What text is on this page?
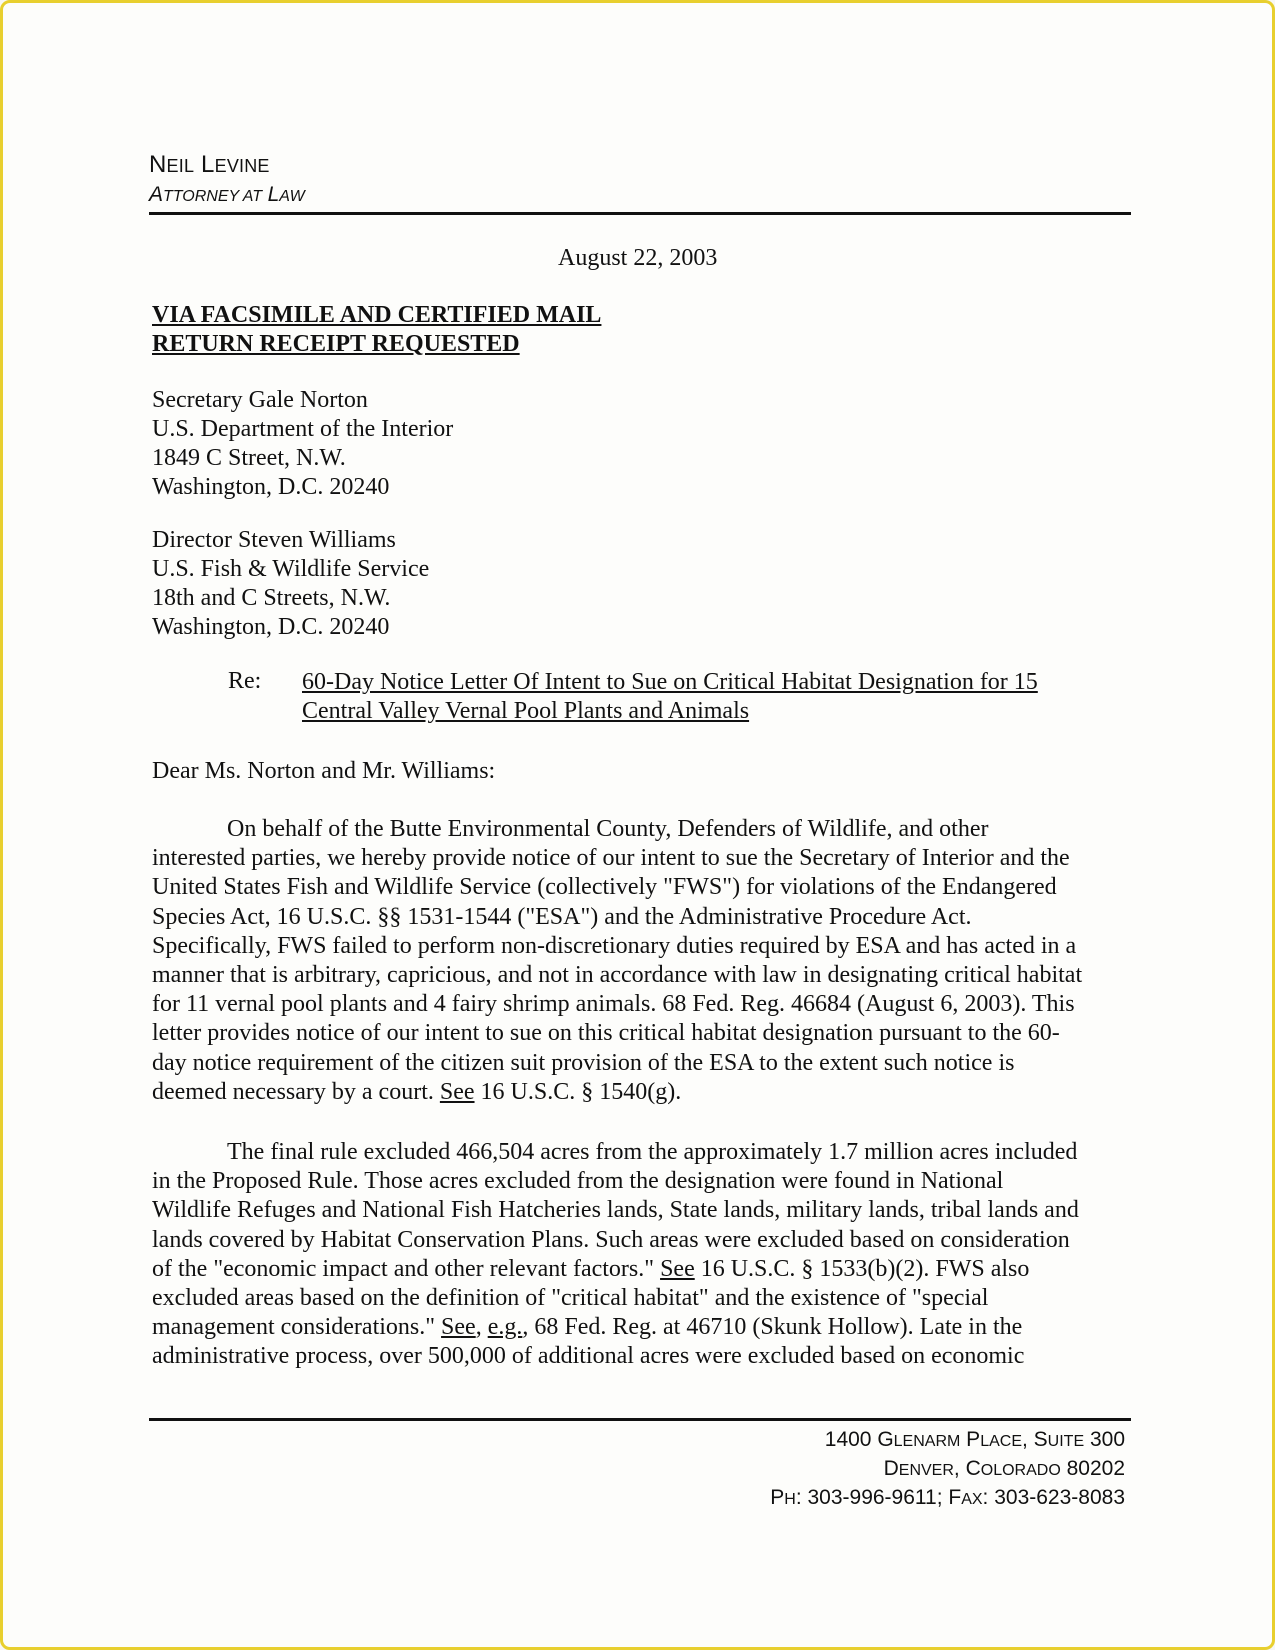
NEIL LEVINE
ATTORNEY AT LAW
August 22, 2003
VIA FACSIMILE AND CERTIFIED MAIL
RETURN RECEIPT REQUESTED
Secretary Gale Norton
U.S. Department of the Interior
1849 C Street, N.W.
Washington, D.C. 20240
Director Steven Williams
U.S. Fish & Wildlife Service
18th and C Streets, N.W.
Washington, D.C. 20240
Re: 60-Day Notice Letter Of Intent to Sue on Critical Habitat Designation for 15
Central Valley Vernal Pool Plants and Animals
Dear Ms. Norton and Mr. Williams:
On behalf of the Butte Environmental County, Defenders of Wildlife, and other
interested parties, we hereby provide notice of our intent to sue the Secretary of Interior and the
United States Fish and Wildlife Service (collectively "FWS") for violations of the Endangered
Species Act, 16 U.S.C. §§ 1531-1544 ("ESA") and the Administrative Procedure Act.
Specifically, FWS failed to perform non-discretionary duties required by ESA and has acted in a
manner that is arbitrary, capricious, and not in accordance with law in designating critical habitat
for 11 vernal pool plants and 4 fairy shrimp animals. 68 Fed. Reg. 46684 (August 6, 2003). This
letter provides notice of our intent to sue on this critical habitat designation pursuant to the 60-
day notice requirement of the citizen suit provision of the ESA to the extent such notice is
deemed necessary by a court. See 16 U.S.C. § 1540(g).
The final rule excluded 466,504 acres from the approximately 1.7 million acres included
in the Proposed Rule. Those acres excluded from the designation were found in National
Wildlife Refuges and National Fish Hatcheries lands, State lands, military lands, tribal lands and
lands covered by Habitat Conservation Plans. Such areas were excluded based on consideration
of the "economic impact and other relevant factors." See 16 U.S.C. § 1533(b)(2). FWS also
excluded areas based on the definition of "critical habitat" and the existence of "special
management considerations." See, e.g., 68 Fed. Reg. at 46710 (Skunk Hollow). Late in the
administrative process, over 500,000 of additional acres were excluded based on economic
1400 GLENARM PLACE, SUITE 300
DENVER, COLORADO 80202
PH: 303-996-9611; FAX: 303-623-8083
